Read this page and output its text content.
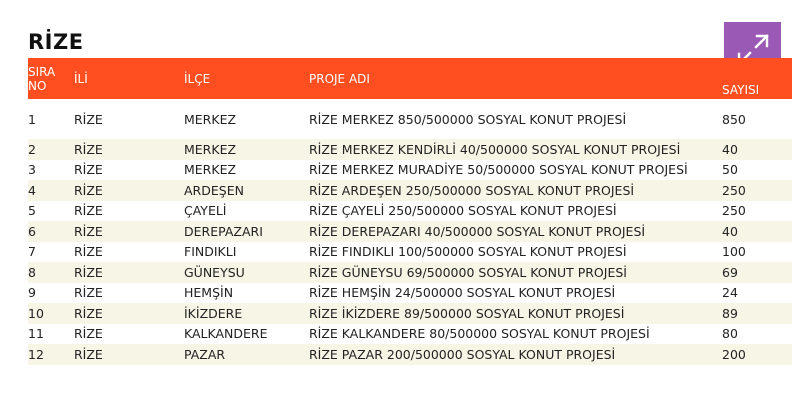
RİZE
SIRA
NO	İLİ	İLÇE	PROJE ADI	SAYISI
1	RİZE	MERKEZ	RİZE MERKEZ 850/500000 SOSYAL KONUT PROJESİ	850
2	RİZE	MERKEZ	RİZE MERKEZ KENDİRLİ 40/500000 SOSYAL KONUT PROJESİ	40
3	RİZE	MERKEZ	RİZE MERKEZ MURADİYE 50/500000 SOSYAL KONUT PROJESİ	50
4	RİZE	ARDEŞEN	RİZE ARDEŞEN 250/500000 SOSYAL KONUT PROJESİ	250
5	RİZE	ÇAYELİ	RİZE ÇAYELİ 250/500000 SOSYAL KONUT PROJESİ	250
6	RİZE	DEREPAZARI	RİZE DEREPAZARI 40/500000 SOSYAL KONUT PROJESİ	40
7	RİZE	FINDIKLI	RİZE FINDIKLI 100/500000 SOSYAL KONUT PROJESİ	100
8	RİZE	GÜNEYSU	RİZE GÜNEYSU 69/500000 SOSYAL KONUT PROJESİ	69
9	RİZE	HEMŞİN	RİZE HEMŞİN 24/500000 SOSYAL KONUT PROJESİ	24
10	RİZE	İKİZDERE	RİZE İKİZDERE 89/500000 SOSYAL KONUT PROJESİ	89
11	RİZE	KALKANDERE	RİZE KALKANDERE 80/500000 SOSYAL KONUT PROJESİ	80
12	RİZE	PAZAR	RİZE PAZAR 200/500000 SOSYAL KONUT PROJESİ	200
